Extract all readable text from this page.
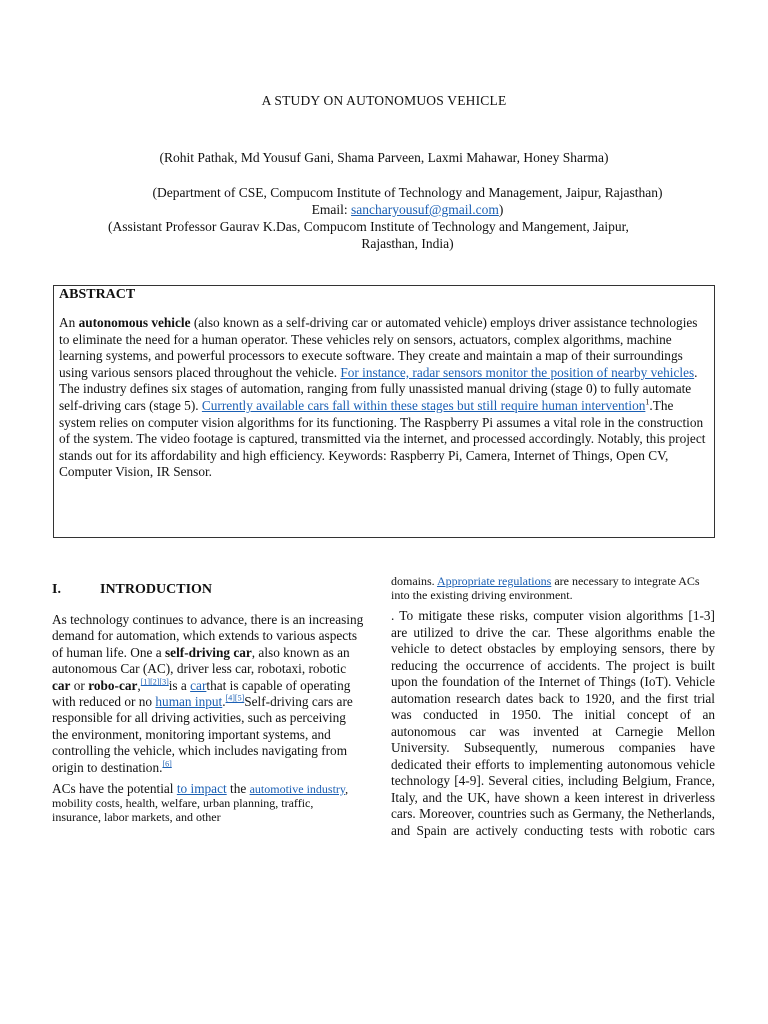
A STUDY ON AUTONOMUOS VEHICLE
(Rohit Pathak, Md Yousuf Gani, Shama Parveen, Laxmi Mahawar, Honey Sharma)
(Department of CSE, Compucom Institute of Technology and Management, Jaipur, Rajasthan)
Email: sancharyousuf@gmail.com)
(Assistant Professor Gaurav K.Das, Compucom Institute of Technology and Mangement, Jaipur,
Rajasthan, India)
ABSTRACT

An autonomous vehicle (also known as a self-driving car or automated vehicle) employs driver assistance technologies to eliminate the need for a human operator. These vehicles rely on sensors, actuators, complex algorithms, machine learning systems, and powerful processors to execute software. They create and maintain a map of their surroundings using various sensors placed throughout the vehicle. For instance, radar sensors monitor the position of nearby vehicles. The industry defines six stages of automation, ranging from fully unassisted manual driving (stage 0) to fully automate self-driving cars (stage 5). Currently available cars fall within these stages but still require human intervention$^1$.The system relies on computer vision algorithms for its functioning. The Raspberry Pi assumes a vital role in the construction of the system. The video footage is captured, transmitted via the internet, and processed accordingly. Notably, this project stands out for its affordability and high efficiency. Keywords: Raspberry Pi, Camera, Internet of Things, Open CV, Computer Vision, IR Sensor.

I.	INTRODUCTION

As technology continues to advance, there is an increasing demand for automation, which extends to various aspects of human life. One a self-driving car, also known as an autonomous Car (AC), driver less car, robotaxi, robotic car or robo-car,[1][2][3]is a carthat is capable of operating with reduced or no human input.[4][5]Self-driving cars are responsible for all driving activities, such as perceiving the environment, monitoring important systems, and controlling the vehicle, which includes navigating from origin to destination.[6]

ACs have the potential to impact the automotive industry, mobility costs, health, welfare, urban planning, traffic, insurance, labor markets, and other

domains. Appropriate regulations are necessary to integrate ACs into the existing driving environment.

. To mitigate these risks, computer vision algorithms [1-3] are utilized to drive the car. These algorithms enable the vehicle to detect obstacles by employing sensors, there by reducing the occurrence of accidents. The project is built upon the foundation of the Internet of Things (IoT). Vehicle automation research dates back to 1920, and the first trial was conducted in 1950. The initial concept of an autonomous car was invented at Carnegie Mellon University. Subsequently, numerous companies have dedicated their efforts to implementing autonomous vehicle technology [4-9]. Several cities, including Belgium, France, Italy, and the UK, have shown a keen interest in driverless cars. Moreover, countries such as Germany, the Netherlands, and Spain are actively conducting tests with robotic cars
